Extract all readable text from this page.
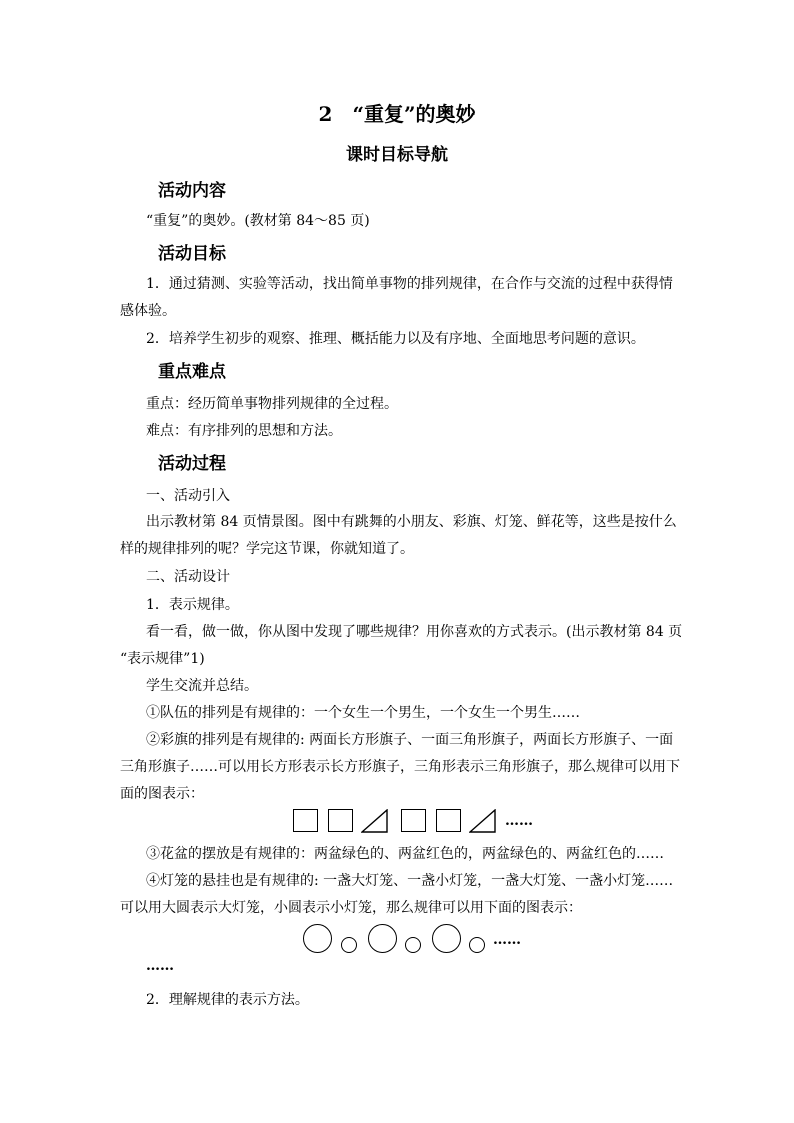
2　“重复”的奥妙
课时目标导航
活动内容
“重复”的奥妙。(教材第 84～85 页)
活动目标
1．通过猜测、实验等活动，找出简单事物的排列规律，在合作与交流的过程中获得情
感体验。
2．培养学生初步的观察、推理、概括能力以及有序地、全面地思考问题的意识。
重点难点
重点：经历简单事物排列规律的全过程。
难点：有序排列的思想和方法。
活动过程
一、活动引入
出示教材第 84 页情景图。图中有跳舞的小朋友、彩旗、灯笼、鲜花等，这些是按什么
样的规律排列的呢？学完这节课，你就知道了。
二、活动设计
1．表示规律。
看一看，做一做，你从图中发现了哪些规律？用你喜欢的方式表示。(出示教材第 84 页
“表示规律”1)
学生交流并总结。
①队伍的排列是有规律的：一个女生一个男生，一个女生一个男生……
②彩旗的排列是有规律的: 两面长方形旗子、一面三角形旗子，两面长方形旗子、一面
三角形旗子……可以用长方形表示长方形旗子，三角形表示三角形旗子，那么规律可以用下
面的图表示：
……
③花盆的摆放是有规律的：两盆绿色的、两盆红色的，两盆绿色的、两盆红色的……
④灯笼的悬挂也是有规律的: 一盏大灯笼、一盏小灯笼，一盏大灯笼、一盏小灯笼……
可以用大圆表示大灯笼，小圆表示小灯笼，那么规律可以用下面的图表示：
……
……
2．理解规律的表示方法。
